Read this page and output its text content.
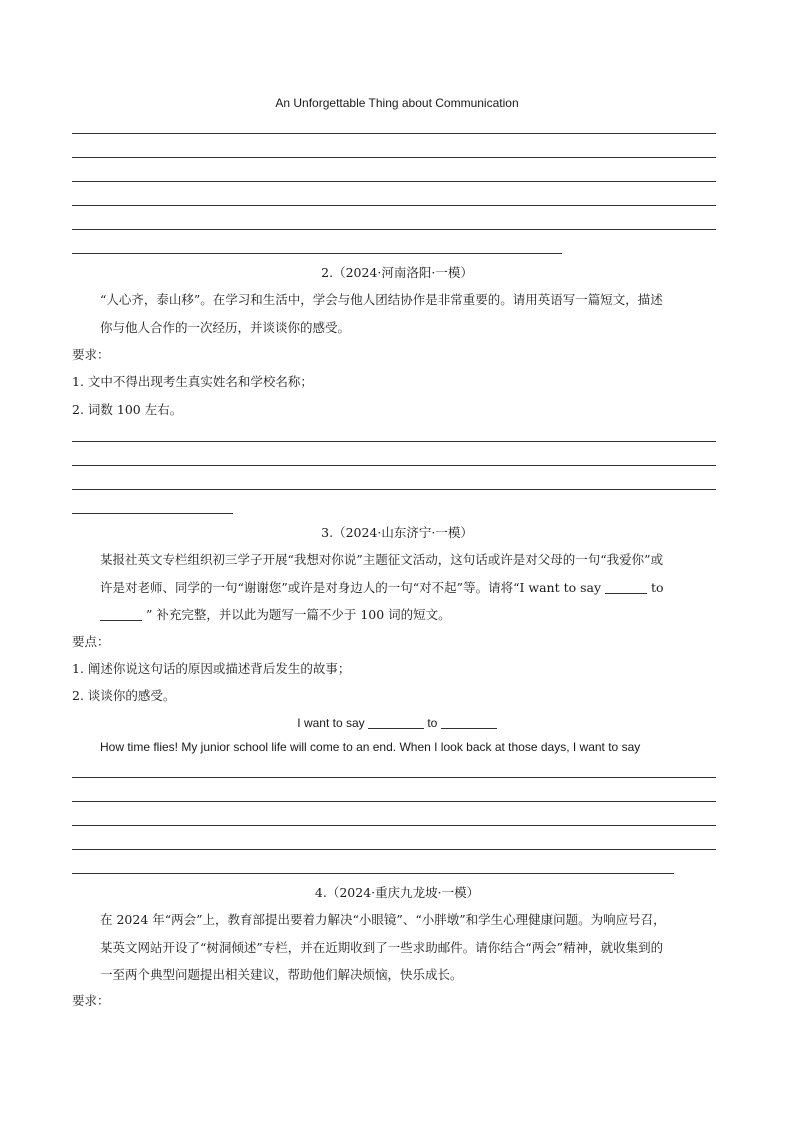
An Unforgettable Thing about Communication
2.（2024·河南洛阳·一模）
“人心齐，泰山移”。在学习和生活中，学会与他人团结协作是非常重要的。请用英语写一篇短文，描述
你与他人合作的一次经历，并谈谈你的感受。
要求：
1. 文中不得出现考生真实姓名和学校名称；
2. 词数 100 左右。
3.（2024·山东济宁·一模）
某报社英文专栏组织初三学子开展“我想对你说”主题征文活动，这句话或许是对父母的一句“我爱你”或
许是对老师、同学的一句“谢谢您”或许是对身边人的一句“对不起”等。请将“I want to say	to
” 补充完整，并以此为题写一篇不少于 100 词的短文。
要点：
1. 阐述你说这句话的原因或描述背后发生的故事；
2. 谈谈你的感受。
I want to say	to
How time flies! My junior school life will come to an end. When I look back at those days, I want to say
4.（2024·重庆九龙坡·一模）
在 2024 年“两会”上，教育部提出要着力解决“小眼镜”、“小胖墩”和学生心理健康问题。为响应号召，
某英文网站开设了“树洞倾述”专栏，并在近期收到了一些求助邮件。请你结合“两会”精神，就收集到的
一至两个典型问题提出相关建议，帮助他们解决烦恼，快乐成长。
要求：
